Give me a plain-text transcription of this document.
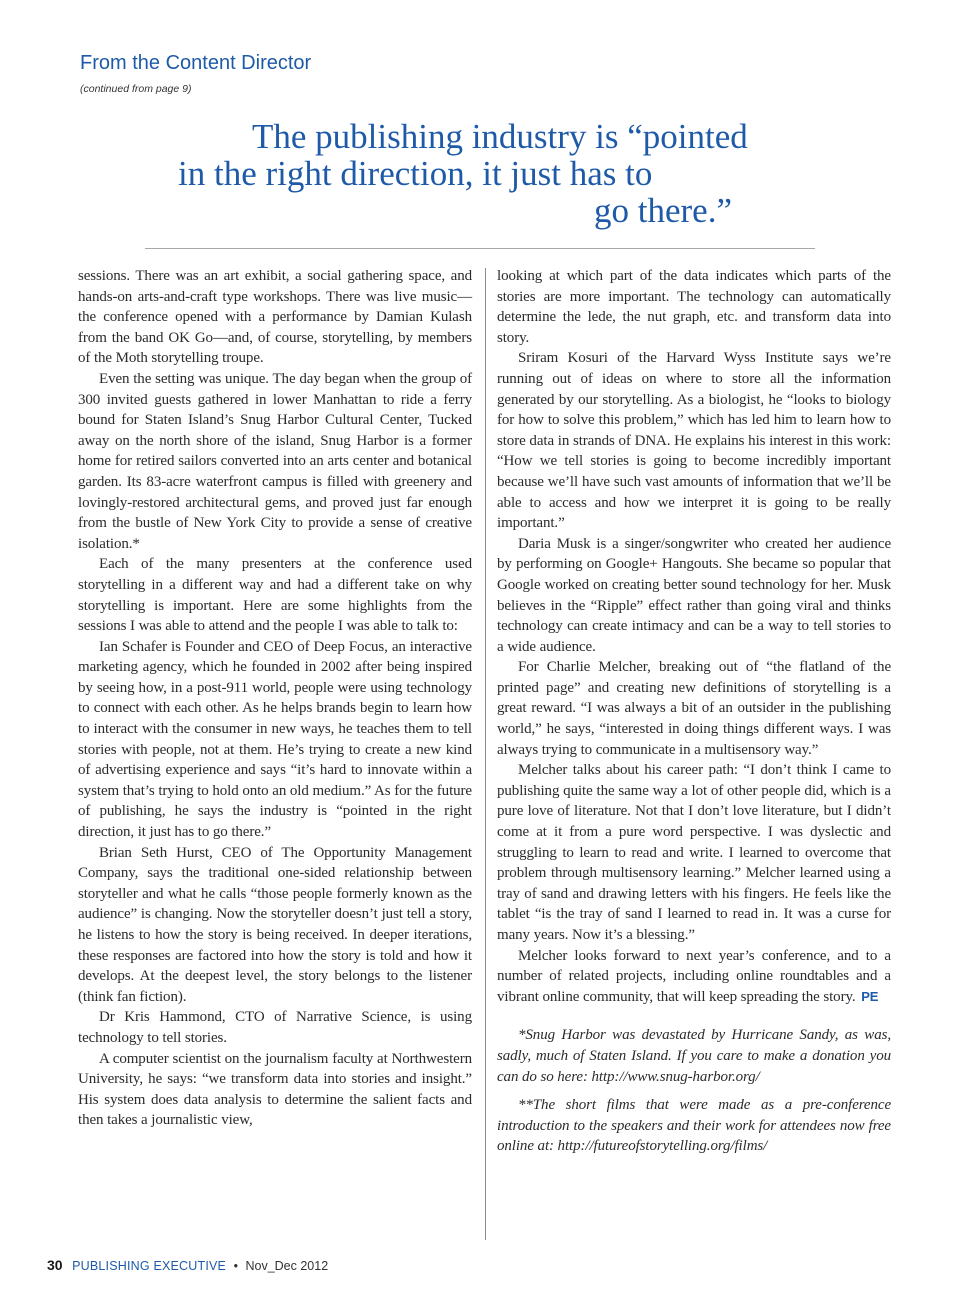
From the Content Director

(continued from page 9)

The publishing industry is “pointed
in the right direction, it just has to
go there.”

sessions. There was an art exhibit, a social gathering space, and hands-on arts-and-craft type workshops. There was live music—the conference opened with a performance by Damian Kulash from the band OK Go—and, of course, storytelling, by members of the Moth storytelling troupe.

Even the setting was unique. The day began when the group of 300 invited guests gathered in lower Manhattan to ride a ferry bound for Staten Island’s Snug Harbor Cultural Center, Tucked away on the north shore of the island, Snug Harbor is a former home for retired sailors converted into an arts center and botanical garden. Its 83-acre waterfront campus is filled with greenery and lovingly-restored architectural gems, and proved just far enough from the bustle of New York City to provide a sense of creative isolation.*

Each of the many presenters at the conference used storytelling in a different way and had a different take on why storytelling is important. Here are some highlights from the sessions I was able to attend and the people I was able to talk to:

Ian Schafer is Founder and CEO of Deep Focus, an interactive marketing agency, which he founded in 2002 after being inspired by seeing how, in a post-911 world, people were using technology to connect with each other. As he helps brands begin to learn how to interact with the consumer in new ways, he teaches them to tell stories with people, not at them. He’s trying to create a new kind of advertising experience and says “it’s hard to innovate within a system that’s trying to hold onto an old medium.” As for the future of publishing, he says the industry is “pointed in the right direction, it just has to go there.”

Brian Seth Hurst, CEO of The Opportunity Management Company, says the traditional one-sided relationship between storyteller and what he calls “those people formerly known as the audience” is changing. Now the storyteller doesn’t just tell a story, he listens to how the story is being received. In deeper iterations, these responses are factored into how the story is told and how it develops. At the deepest level, the story belongs to the listener (think fan fiction).

Dr Kris Hammond, CTO of Narrative Science, is using technology to tell stories.

A computer scientist on the journalism faculty at Northwestern University, he says: “we transform data into stories and insight.” His system does data analysis to determine the salient facts and then takes a journalistic view,

looking at which part of the data indicates which parts of the stories are more important. The technology can automatically determine the lede, the nut graph, etc. and transform data into story.

Sriram Kosuri of the Harvard Wyss Institute says we’re running out of ideas on where to store all the information generated by our storytelling. As a biologist, he “looks to biology for how to solve this problem,” which has led him to learn how to store data in strands of DNA. He explains his interest in this work: “How we tell stories is going to become incredibly important because we’ll have such vast amounts of information that we’ll be able to access and how we interpret it is going to be really important.”

Daria Musk is a singer/songwriter who created her audience by performing on Google+ Hangouts. She became so popular that Google worked on creating better sound technology for her. Musk believes in the “Ripple” effect rather than going viral and thinks technology can create intimacy and can be a way to tell stories to a wide audience.

For Charlie Melcher, breaking out of “the flatland of the printed page” and creating new definitions of storytelling is a great reward. “I was always a bit of an outsider in the publishing world,” he says, “interested in doing things different ways. I was always trying to communicate in a multisensory way.”

Melcher talks about his career path: “I don’t think I came to publishing quite the same way a lot of other people did, which is a pure love of literature. Not that I don’t love literature, but I didn’t come at it from a pure word perspective. I was dyslectic and struggling to learn to read and write. I learned to overcome that problem through multisensory learning.” Melcher learned using a tray of sand and drawing letters with his fingers. He feels like the tablet “is the tray of sand I learned to read in. It was a curse for many years. Now it’s a blessing.”

Melcher looks forward to next year’s conference, and to a number of related projects, including online roundtables and a vibrant online community, that will keep spreading the story. PE

*Snug Harbor was devastated by Hurricane Sandy, as was, sadly, much of Staten Island. If you care to make a donation you can do so here: http://www.snug-harbor.org/

**The short films that were made as a pre-conference introduction to the speakers and their work for attendees now free online at: http://futureofstorytelling.org/films/

30 PUBLISHING EXECUTIVE • Nov_Dec 2012
